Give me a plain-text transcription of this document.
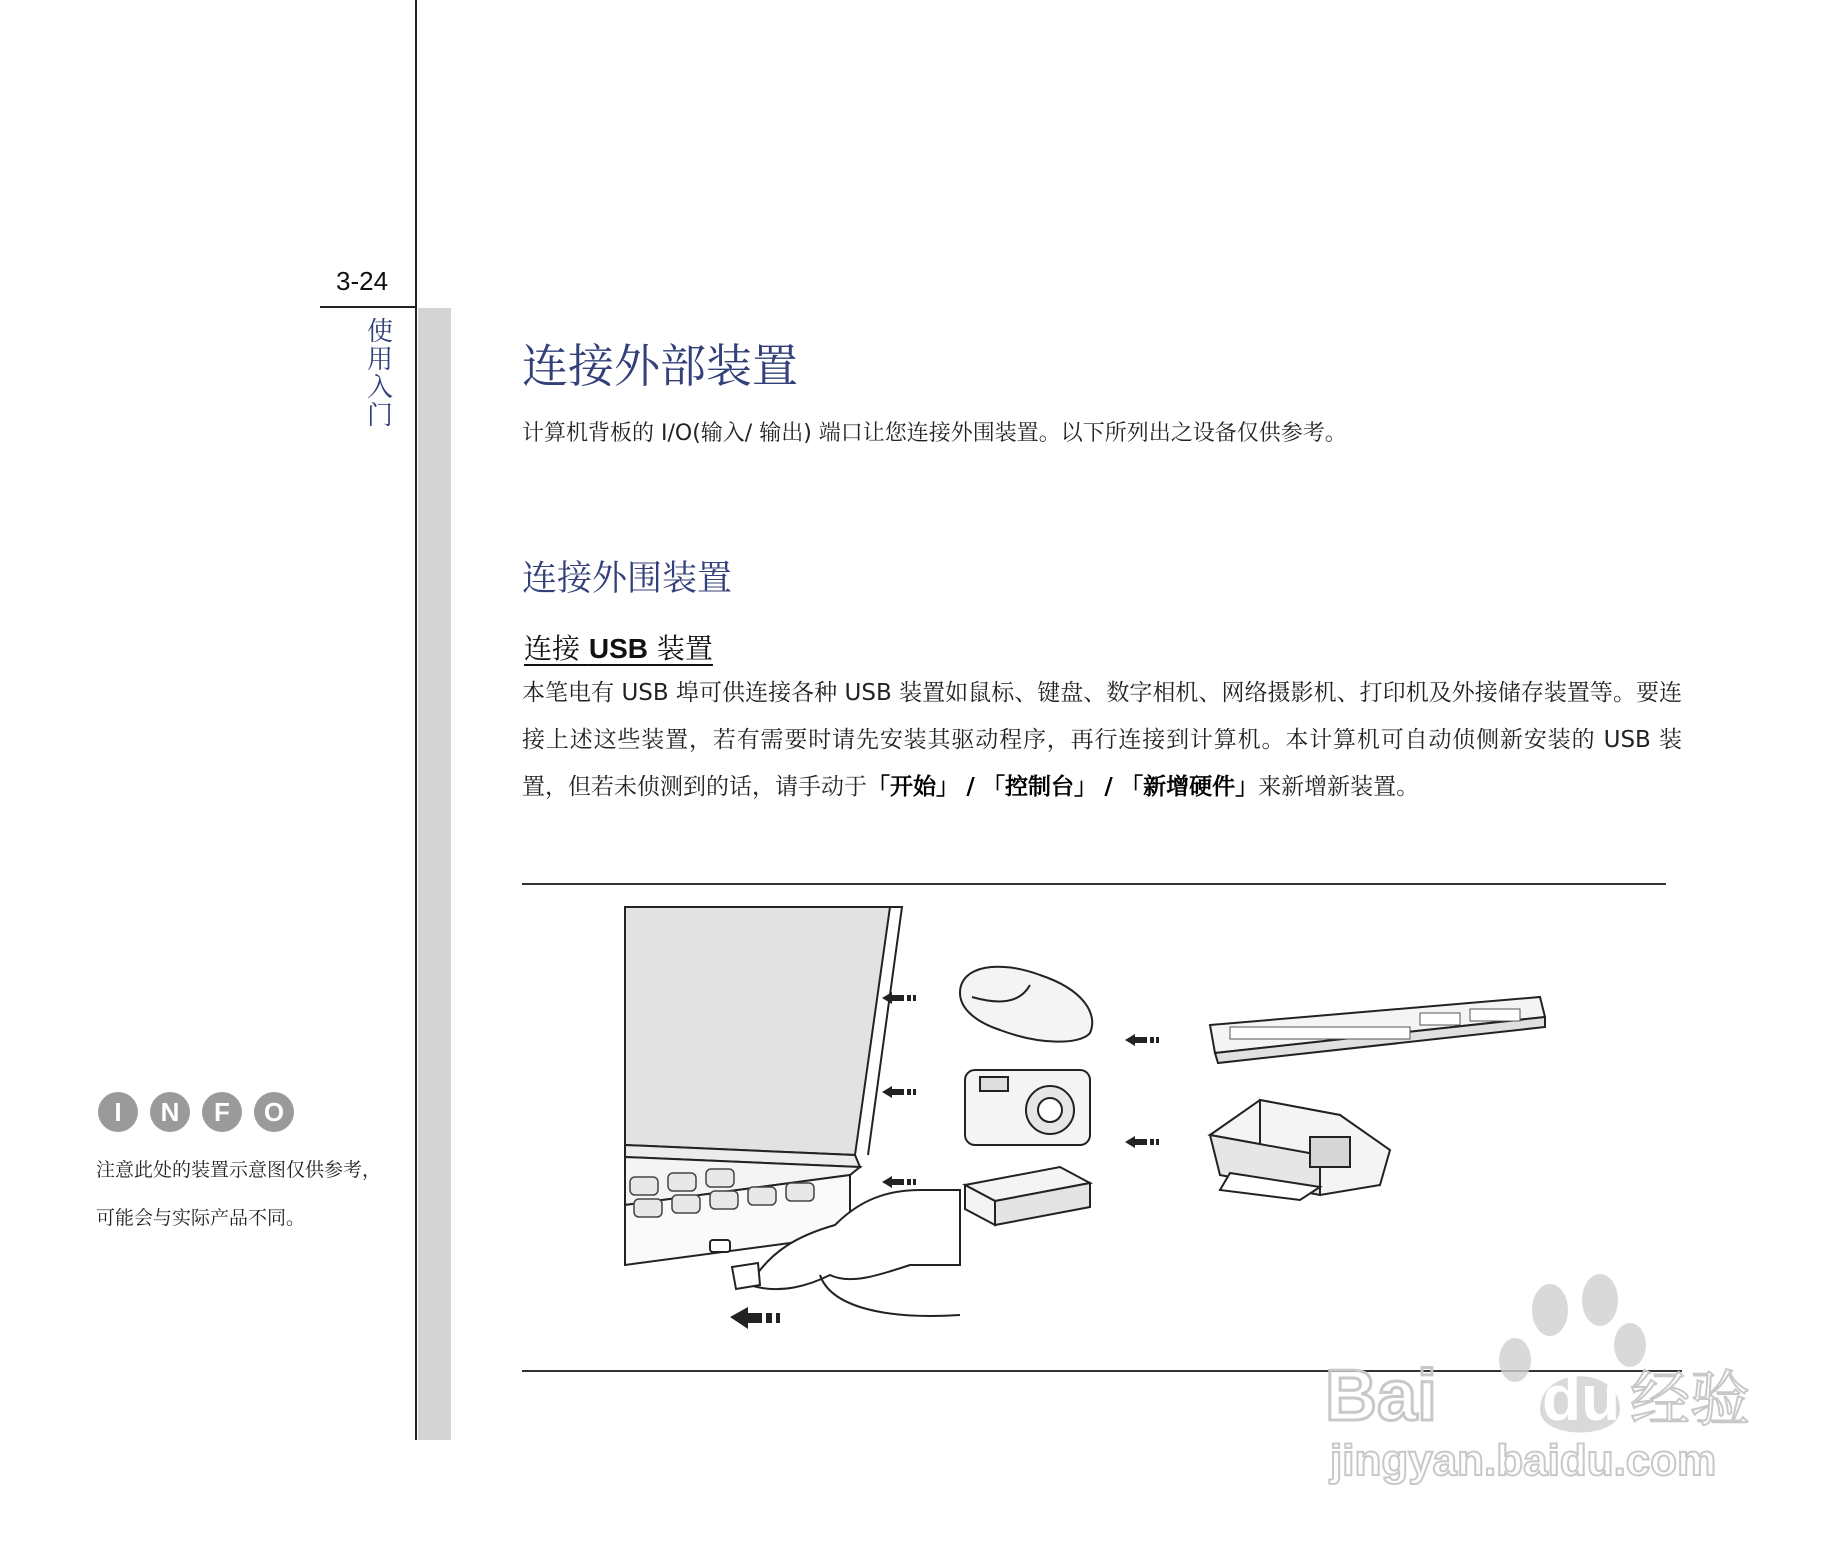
3-24
使用入门
I N F O
注意此处的装置示意图仅供参考，可能会与实际产品不同。
连接外部装置
计算机背板的 I/O(输入/ 输出) 端口让您连接外围装置。以下所列出之设备仅供参考。
连接外围装置
连接 USB 装置
本笔电有 USB 埠可供连接各种 USB 装置如鼠标、键盘、数字相机、网络摄影机、打印机及外接储存装置等。要连接上述这些装置，若有需要时请先安装其驱动程序，再行连接到计算机。本计算机可自动侦侧新安装的 USB 装置，但若未侦测到的话，请手动于「开始」 / 「控制台」 / 「新增硬件」来新增新装置。
Bai du 经验
jingyan.baidu.com
